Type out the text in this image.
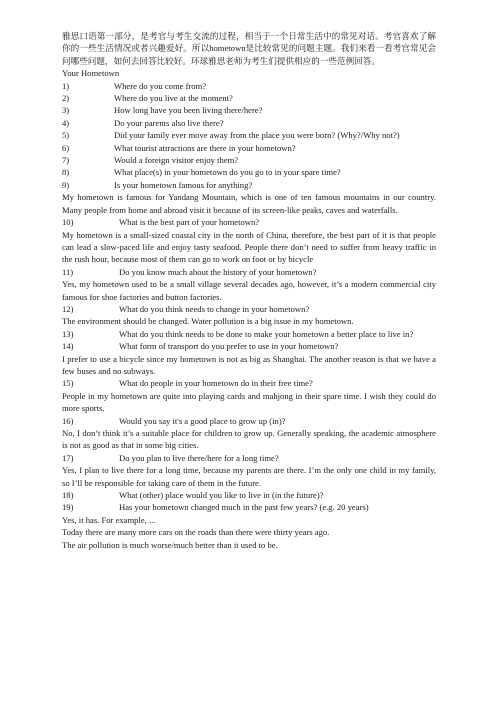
雅思口语第一部分，是考官与考生交流的过程，相当于一个日常生活中的常见对话。考官喜欢了解你的一些生活情况或者兴趣爱好。所以hometown是比较常见的问题主题。我们来看一看考官常见会问哪些问题，如何去回答比较好。环球雅思老师为考生们提供相应的一些范例回答。

Your Hometown

1)	Where do you come from?
2)	Where do you live at the moment?
3)	How long have you been living there/here?
4)	Do your parents also live there?
5)	Did your family ever move away from the place you were born? (Why?/Why not?)
6)	What tourist attractions are there in your hometown?
7)	Would a foreign visitor enjoy them?
8)	What place(s) in your hometown do you go to in your spare time?
9)	Is your hometown famous for anything?

My hometown is famous for Yandang Mountain, which is one of ten famous mountains in our country. Many people from home and abroad visit it because of its screen-like peaks, caves and waterfalls.

10)	What is the best part of your hometown?

My hometown is a small-sized coastal city in the north of China, therefore, the best part of it is that people can lead a slow-paced life and enjoy tasty seafood. People there don’t need to suffer from heavy traffic in the rush hour, because most of them can go to work on foot or by bicycle

11)	Do you know much about the history of your hometown?

Yes, my hometown used to be a small village several decades ago, however, it’s a modern commercial city famous for shoe factories and button factories.

12)	What do you think needs to change in your hometown?

The environment should be changed. Water pollution is a big issue in my hometown.

13)	What do you think needs to be done to make your hometown a better place to live in?
14)	What form of transport do you prefer to use in your hometown?

I prefer to use a bicycle since my hometown is not as big as Shanghai. The another reason is that we have a few buses and no subways.

15)	What do people in your hometown do in their free time?

People in my hometown are quite into playing cards and mahjong in their spare time. I wish they could do more sports.

16)	Would you say it's a good place to grow up (in)?

No, I don’t think it’s a suitable place for children to grow up. Generally speaking, the academic atmosphere is not as good as that in some big cities.

17)	Do you plan to live there/here for a long time?

Yes, I plan to live there for a long time, because my parents are there. I’m the only one child in my family, so I’ll be responsible for taking care of them in the future.

18)	What (other) place would you like to live in (in the future)?
19)	Has your hometown changed much in the past few years? (e.g. 20 years)

Yes, it has. For example, ...

Today there are many more cars on the roads than there were thirty years ago.

The air pollution is much worse/much better than it used to be.
